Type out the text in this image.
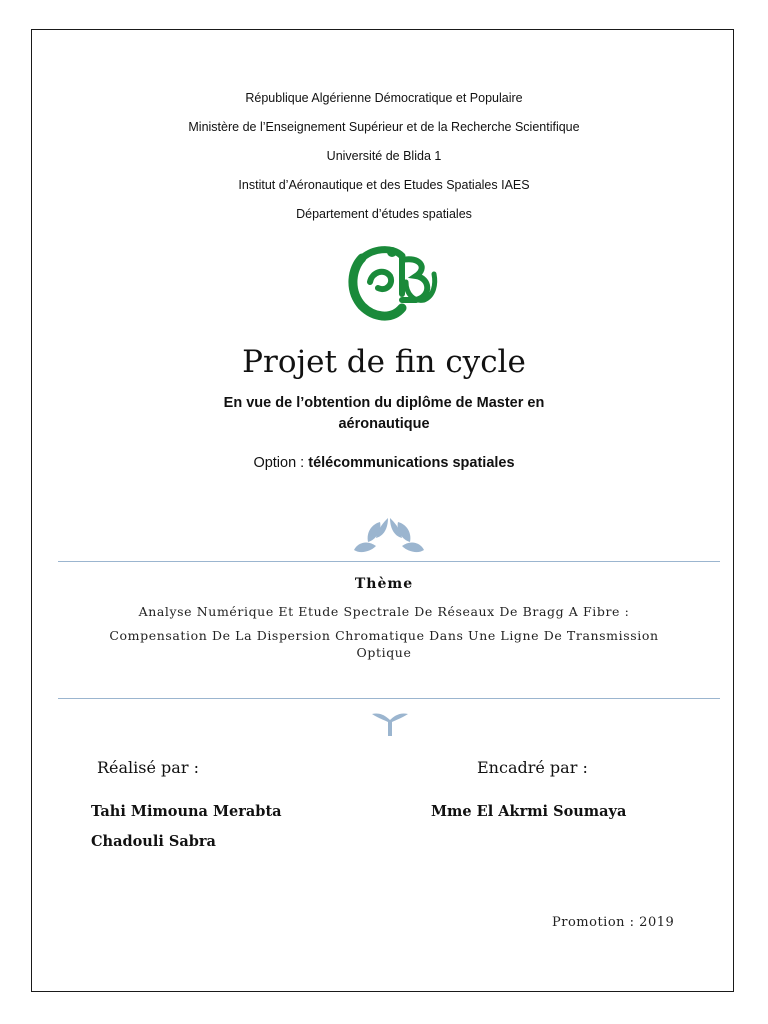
République Algérienne Démocratique et Populaire
Ministère de l’Enseignement Supérieur et de la Recherche Scientifique
Université de Blida 1
Institut d’Aéronautique et des Etudes Spatiales IAES
Département d’études spatiales
Projet de fin cycle
En vue de l’obtention du diplôme de Master en
aéronautique
Option : télécommunications spatiales
Thème
Analyse Numérique Et Etude Spectrale De Réseaux De Bragg A Fibre :
Compensation De La Dispersion Chromatique Dans Une Ligne De Transmission
Optique
Réalisé par :	Encadré par :
Tahi Mimouna Merabta
Chadouli Sabra
Mme El Akrmi Soumaya
Promotion : 2019
